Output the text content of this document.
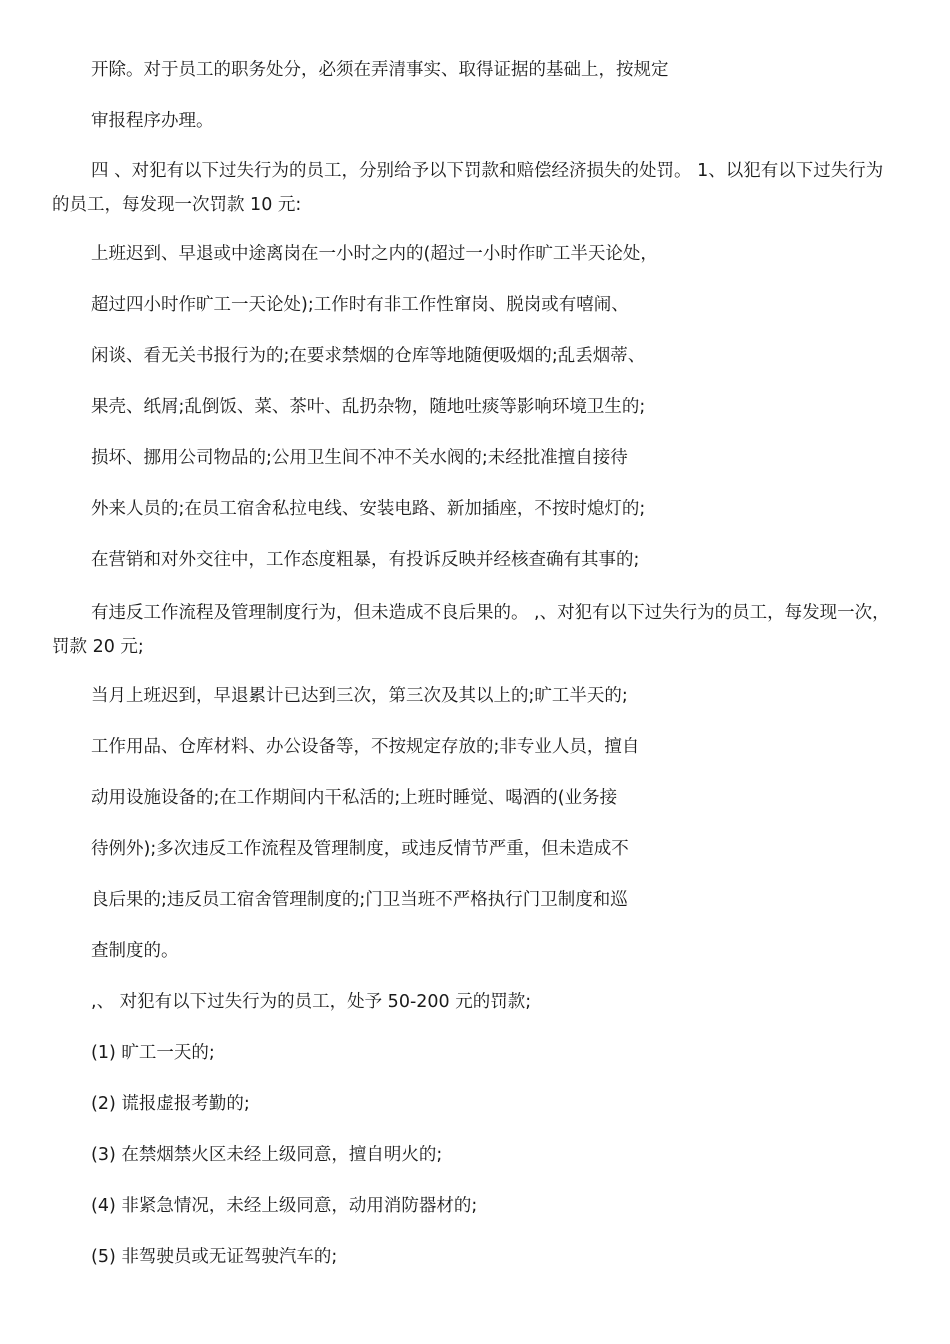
开除。对于员工的职务处分，必须在弄清事实、取得证据的基础上，按规定
审报程序办理。
四 、对犯有以下过失行为的员工，分别给予以下罚款和赔偿经济损失的处罚。 1、以犯有以下过失行为的员工，每发现一次罚款 10 元:
上班迟到、早退或中途离岗在一小时之内的(超过一小时作旷工半天论处，
超过四小时作旷工一天论处);工作时有非工作性窜岗、脱岗或有嘻闹、
闲谈、看无关书报行为的;在要求禁烟的仓库等地随便吸烟的;乱丢烟蒂、
果壳、纸屑;乱倒饭、菜、茶叶、乱扔杂物，随地吐痰等影响环境卫生的;
损坏、挪用公司物品的;公用卫生间不冲不关水阀的;未经批准擅自接待
外来人员的;在员工宿舍私拉电线、安装电路、新加插座，不按时熄灯的;
在营销和对外交往中，工作态度粗暴，有投诉反映并经核查确有其事的;
有违反工作流程及管理制度行为，但未造成不良后果的。 ,、对犯有以下过失行为的员工，每发现一次，罚款 20 元;
当月上班迟到，早退累计已达到三次，第三次及其以上的;旷工半天的;
工作用品、仓库材料、办公设备等，不按规定存放的;非专业人员，擅自
动用设施设备的;在工作期间内干私活的;上班时睡觉、喝酒的(业务接
待例外);多次违反工作流程及管理制度，或违反情节严重，但未造成不
良后果的;违反员工宿舍管理制度的;门卫当班不严格执行门卫制度和巡
查制度的。
,、 对犯有以下过失行为的员工，处予 50-200 元的罚款;
(1) 旷工一天的;
(2) 谎报虚报考勤的;
(3) 在禁烟禁火区未经上级同意，擅自明火的;
(4) 非紧急情况，未经上级同意，动用消防器材的;
(5) 非驾驶员或无证驾驶汽车的;
